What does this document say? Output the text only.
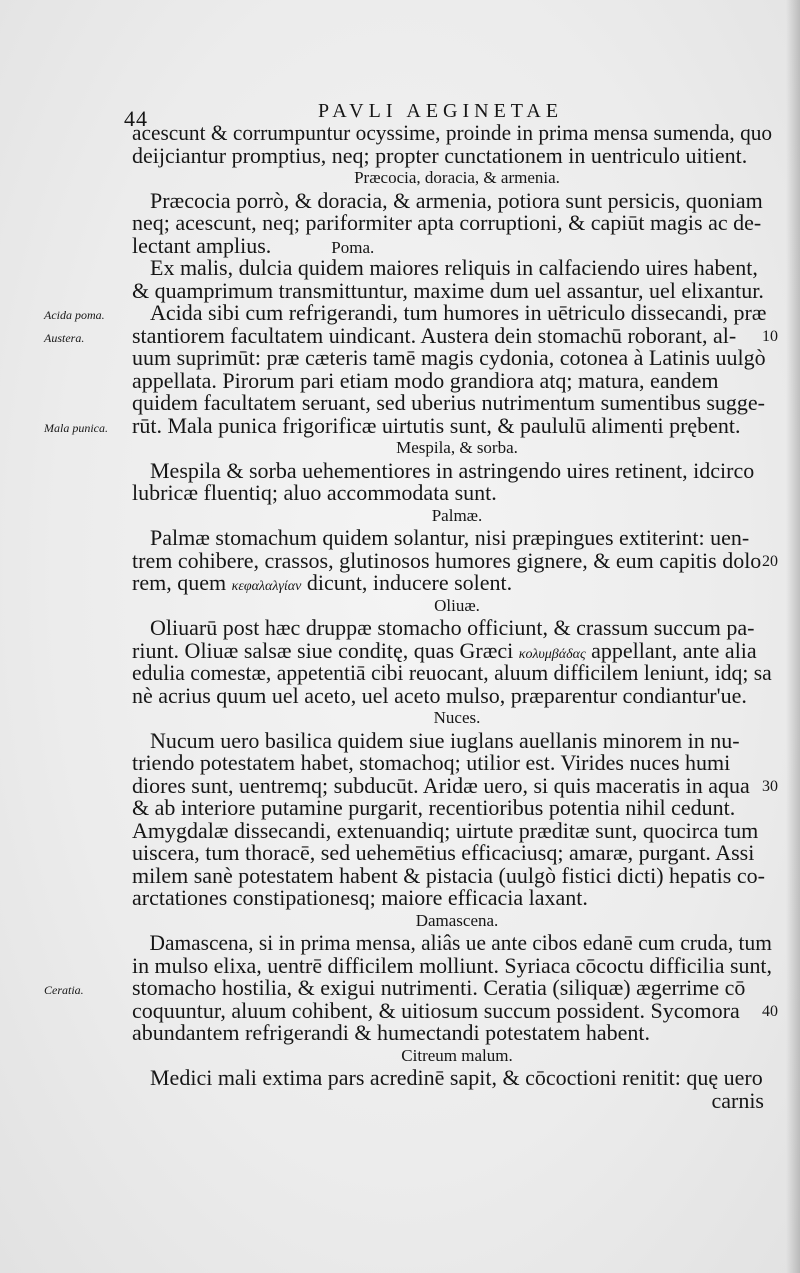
44	PAVLI AEGINETAE
acescunt & corrumpuntur ocyssime, proinde in prima mensa sumenda, quo
deijciantur promptius, neq; propter cunctationem in uentriculo uitient.
Præcocia, doracia, & armenia.
Præcocia porrò, & doracia, & armenia, potiora sunt persicis, quoniam
neq; acescunt, neq; pariformiter apta corruptioni, & capiūt magis ac de-
lectant amplius.	Poma.
Ex malis, dulcia quidem maiores reliquis in calfaciendo uires habent,
& quamprimum transmittuntur, maxime dum uel assantur, uel elixantur.
Acida sibi cum refrigerandi, tum humores in uētriculo dissecandi, præ
stantiorem facultatem uindicant. Austera dein stomachū roborant, al-
uum suprimūt: præ cæteris tamē magis cydonia, cotonea à Latinis uulgò
appellata. Pirorum pari etiam modo grandiora atq; matura, eandem
quidem facultatem seruant, sed uberius nutrimentum sumentibus sugge-
rūt. Mala punica frigorificæ uirtutis sunt, & paululū alimenti prębent.
Mespila, & sorba.
Mespila & sorba uehementiores in astringendo uires retinent, idcirco
lubricæ fluentiq; aluo accommodata sunt.
Palmæ.
Palmæ stomachum quidem solantur, nisi præpingues extiterint: uen-
trem cohibere, crassos, glutinosos humores gignere, & eum capitis dolo
rem, quem κεφαλαλγίαν dicunt, inducere solent.
Oliuæ.
Oliuarū post hæc druppæ stomacho officiunt, & crassum succum pa-
riunt. Oliuæ salsæ siue conditę, quas Græci κολυμβάδας appellant, ante alia
edulia comestæ, appetentiā cibi reuocant, aluum difficilem leniunt, idq; sa
nè acrius quum uel aceto, uel aceto mulso, præparentur condiantur'ue.
Nuces.
Nucum uero basilica quidem siue iuglans auellanis minorem in nu-
triendo potestatem habet, stomachoq; utilior est. Virides nuces humi
diores sunt, uentremq; subducūt. Aridæ uero, si quis maceratis in aqua
& ab interiore putamine purgarit, recentioribus potentia nihil cedunt.
Amygdalæ dissecandi, extenuandiq; uirtute præditæ sunt, quocirca tum
uiscera, tum thoracē, sed uehemētius efficaciusq; amaræ, purgant. Assi
milem sanè potestatem habent & pistacia (uulgò fistici dicti) hepatis co-
arctationes constipationesq; maiore efficacia laxant.
Damascena.
Damascena, si in prima mensa, aliâs ue ante cibos edanē cum cruda, tum
in mulso elixa, uentrē difficilem molliunt. Syriaca cōcoctu difficilia sunt,
stomacho hostilia, & exigui nutrimenti. Ceratia (siliquæ) ægerrime cō
coquuntur, aluum cohibent, & uitiosum succum possident. Sycomora
abundantem refrigerandi & humectandi potestatem habent.
Citreum malum.
Medici mali extima pars acredinē sapit, & cōcoctioni renitit: quę uero
carnis
Acida poma.
Austera.
Mala punica.
Ceratia.
10
20
30
40
